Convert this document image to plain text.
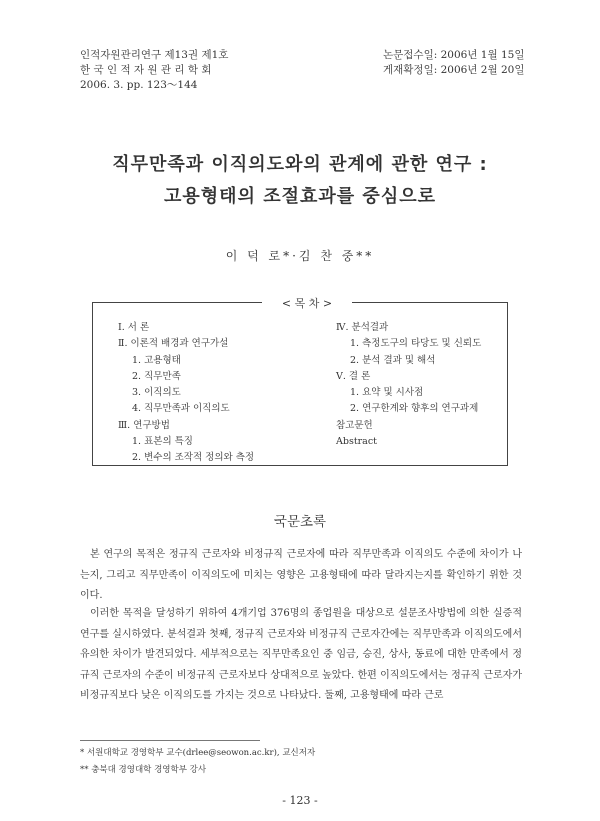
인적자원관리연구 제13권 제1호
한 국 인 적 자 원 관 리 학 회
2006. 3. pp. 123～144
논문접수일: 2006년 1월 15일
게재확정일: 2006년 2월 20일
직무만족과 이직의도와의 관계에 관한 연구 :
고용형태의 조절효과를 중심으로
이 덕 로*·김 찬 중**
< 목 차 >
Ⅰ. 서 론
Ⅱ. 이론적 배경과 연구가설
1. 고용형태
2. 직무만족
3. 이직의도
4. 직무만족과 이직의도
Ⅲ. 연구방법
1. 표본의 특징
2. 변수의 조작적 정의와 측정
Ⅳ. 분석결과
1. 측정도구의 타당도 및 신뢰도
2. 분석 결과 및 해석
Ⅴ. 결 론
1. 요약 및 시사점
2. 연구한계와 향후의 연구과제
참고문헌
Abstract
국문초록
본 연구의 목적은 정규직 근로자와 비정규직 근로자에 따라 직무만족과 이직의도 수준에 차이가 나는지, 그리고 직무만족이 이직의도에 미치는 영향은 고용형태에 따라 달라지는지를 확인하기 위한 것이다.
이러한 목적을 달성하기 위하여 4개기업 376명의 종업원을 대상으로 설문조사방법에 의한 실증적 연구를 실시하였다. 분석결과 첫째, 정규직 근로자와 비정규직 근로자간에는 직무만족과 이직의도에서 유의한 차이가 발견되었다. 세부적으로는 직무만족요인 중 임금, 승진, 상사, 동료에 대한 만족에서 정규직 근로자의 수준이 비정규직 근로자보다 상대적으로 높았다. 한편 이직의도에서는 정규직 근로자가 비정규직보다 낮은 이직의도를 가지는 것으로 나타났다. 둘째, 고용형태에 따라 근로
* 서원대학교 경영학부 교수(drlee@seowon.ac.kr), 교신저자
** 충북대 경영대학 경영학부 강사
- 123 -
